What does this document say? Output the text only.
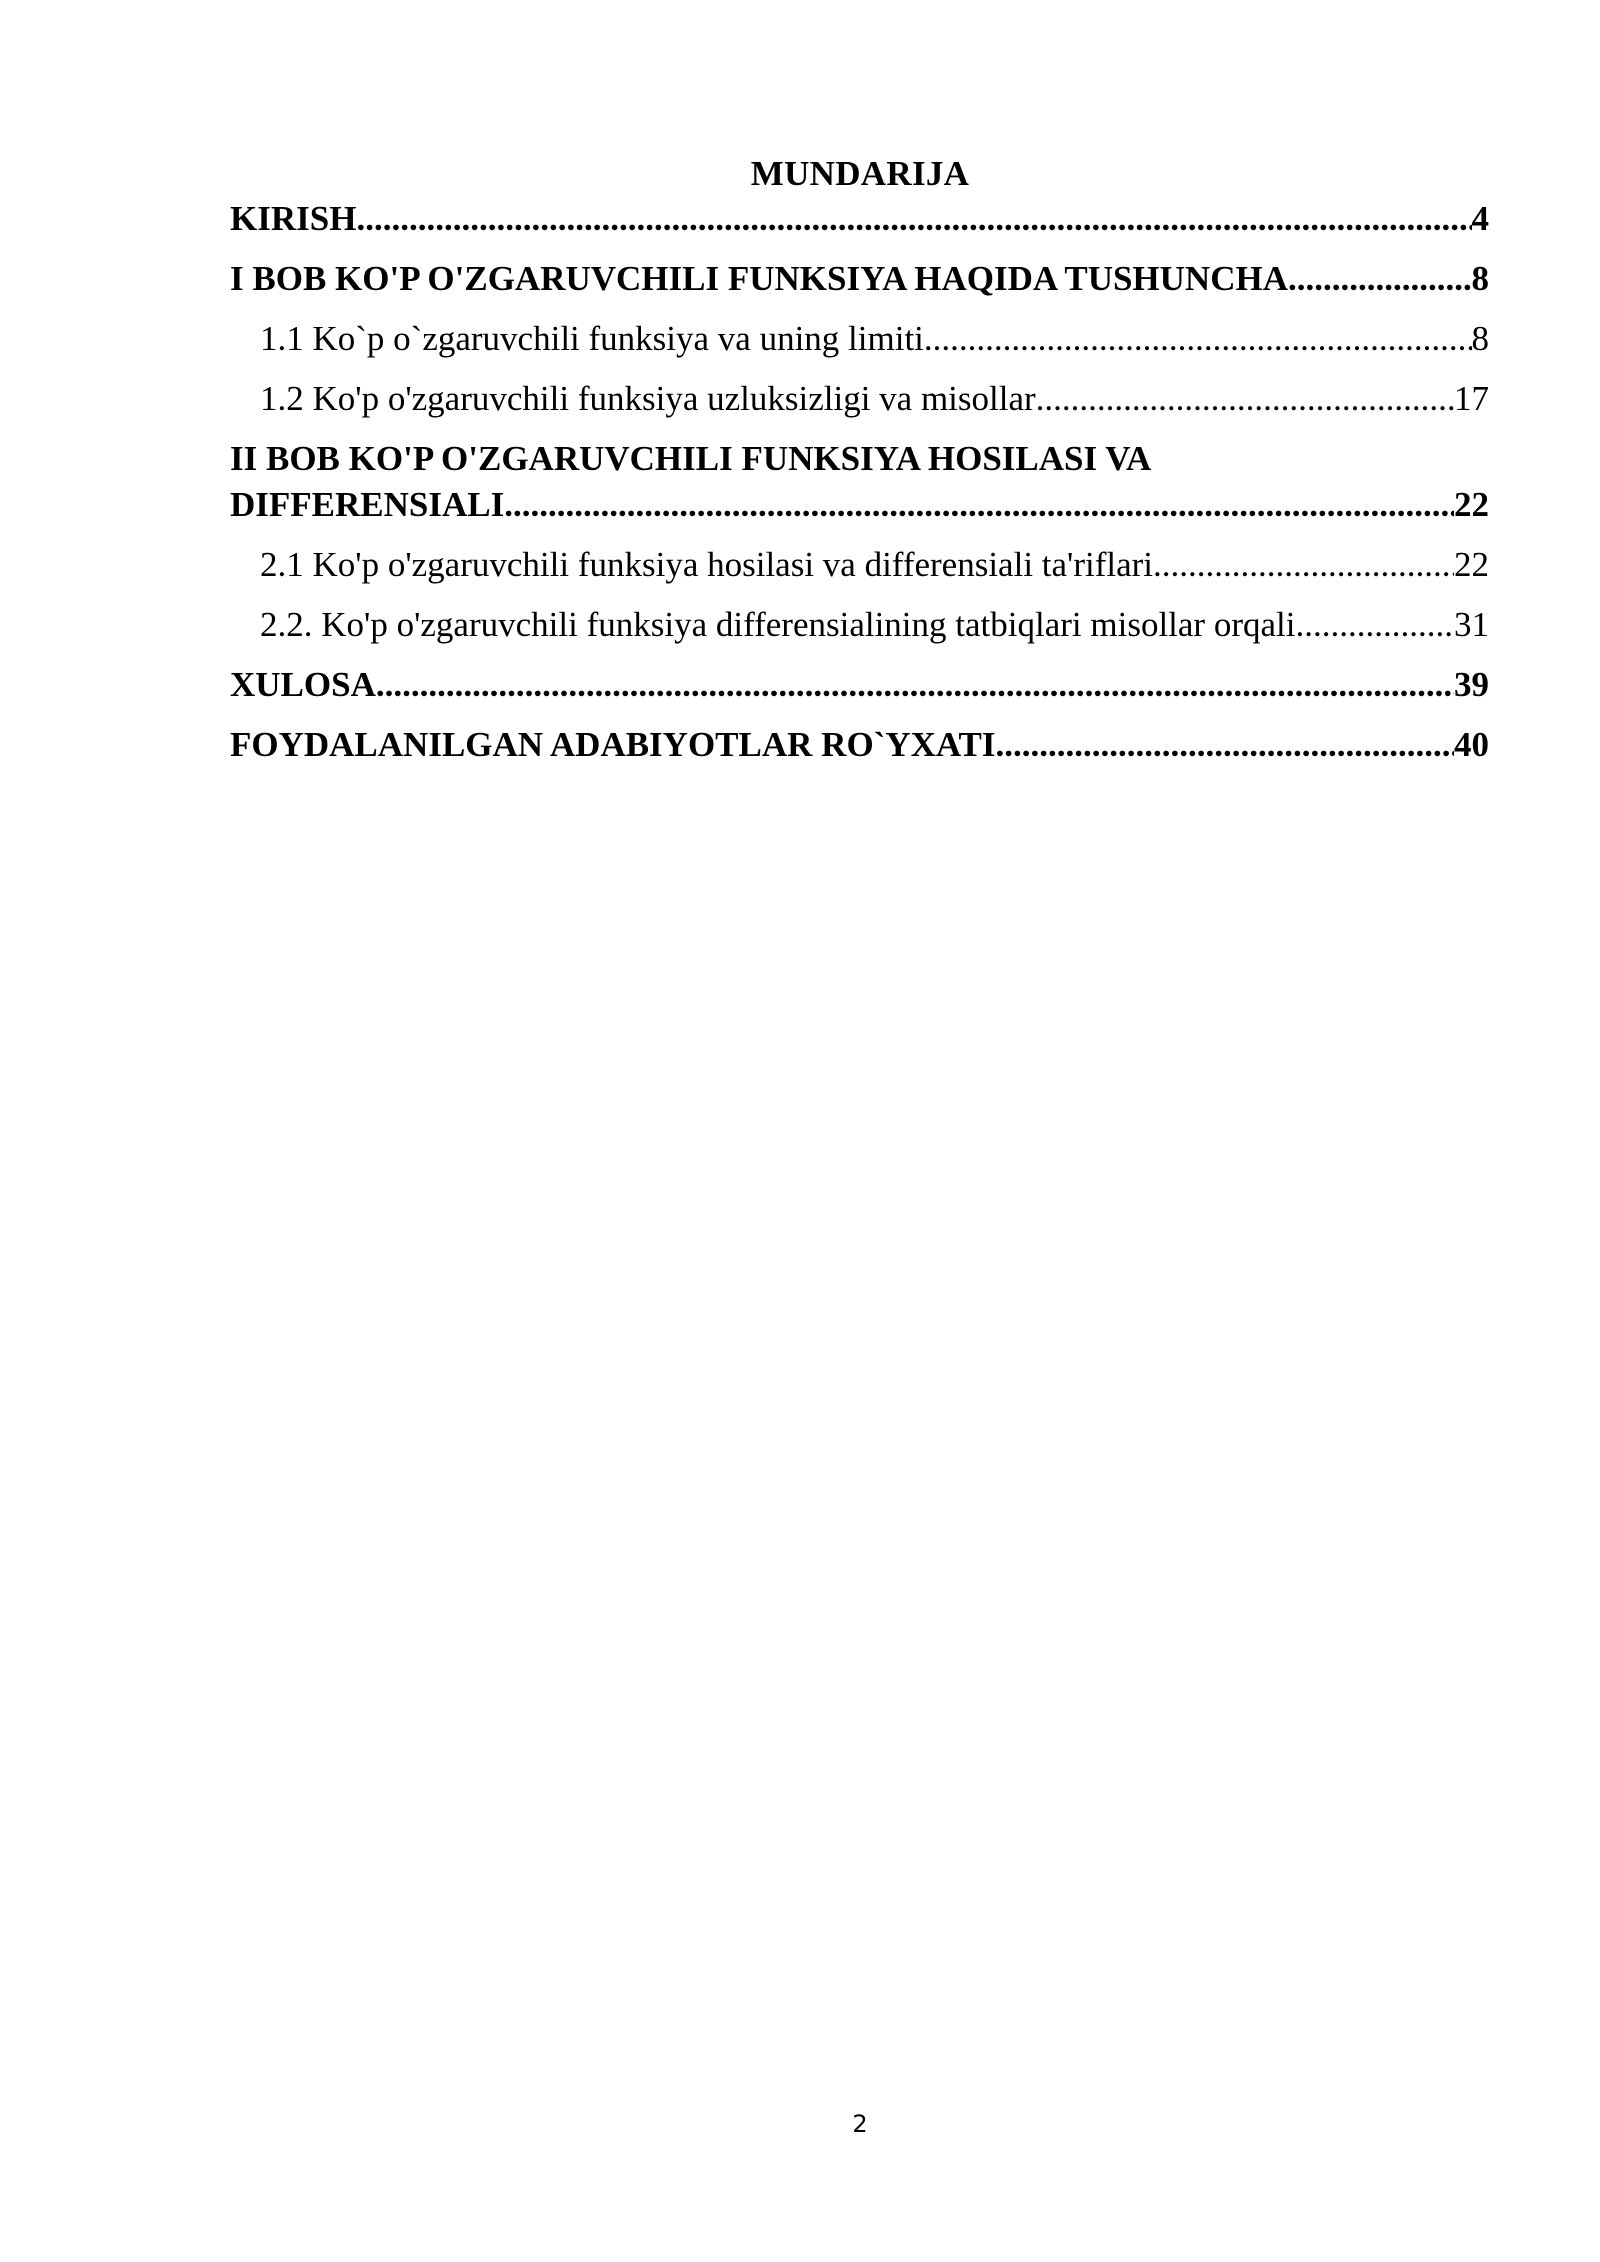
MUNDARIJA
KIRISH .....	4
I BOB KO'P O'ZGARUVCHILI FUNKSIYA HAQIDA TUSHUNCHA .....	8
1.1 Ko`p o`zgaruvchili funksiya va uning limiti .....	8
1.2 Ko'p o'zgaruvchili funksiya uzluksizligi va misollar .....	17
II BOB KO'P O'ZGARUVCHILI FUNKSIYA HOSILASI VA
DIFFERENSIALI .....	22
2.1 Ko'p o'zgaruvchili funksiya hosilasi va differensiali ta'riflari .....	22
2.2. Ko'p o'zgaruvchili funksiya differensialining tatbiqlari misollar orqali .....	31
XULOSA .....	39
FOYDALANILGAN ADABIYOTLAR RO`YXATI .....	40
2
